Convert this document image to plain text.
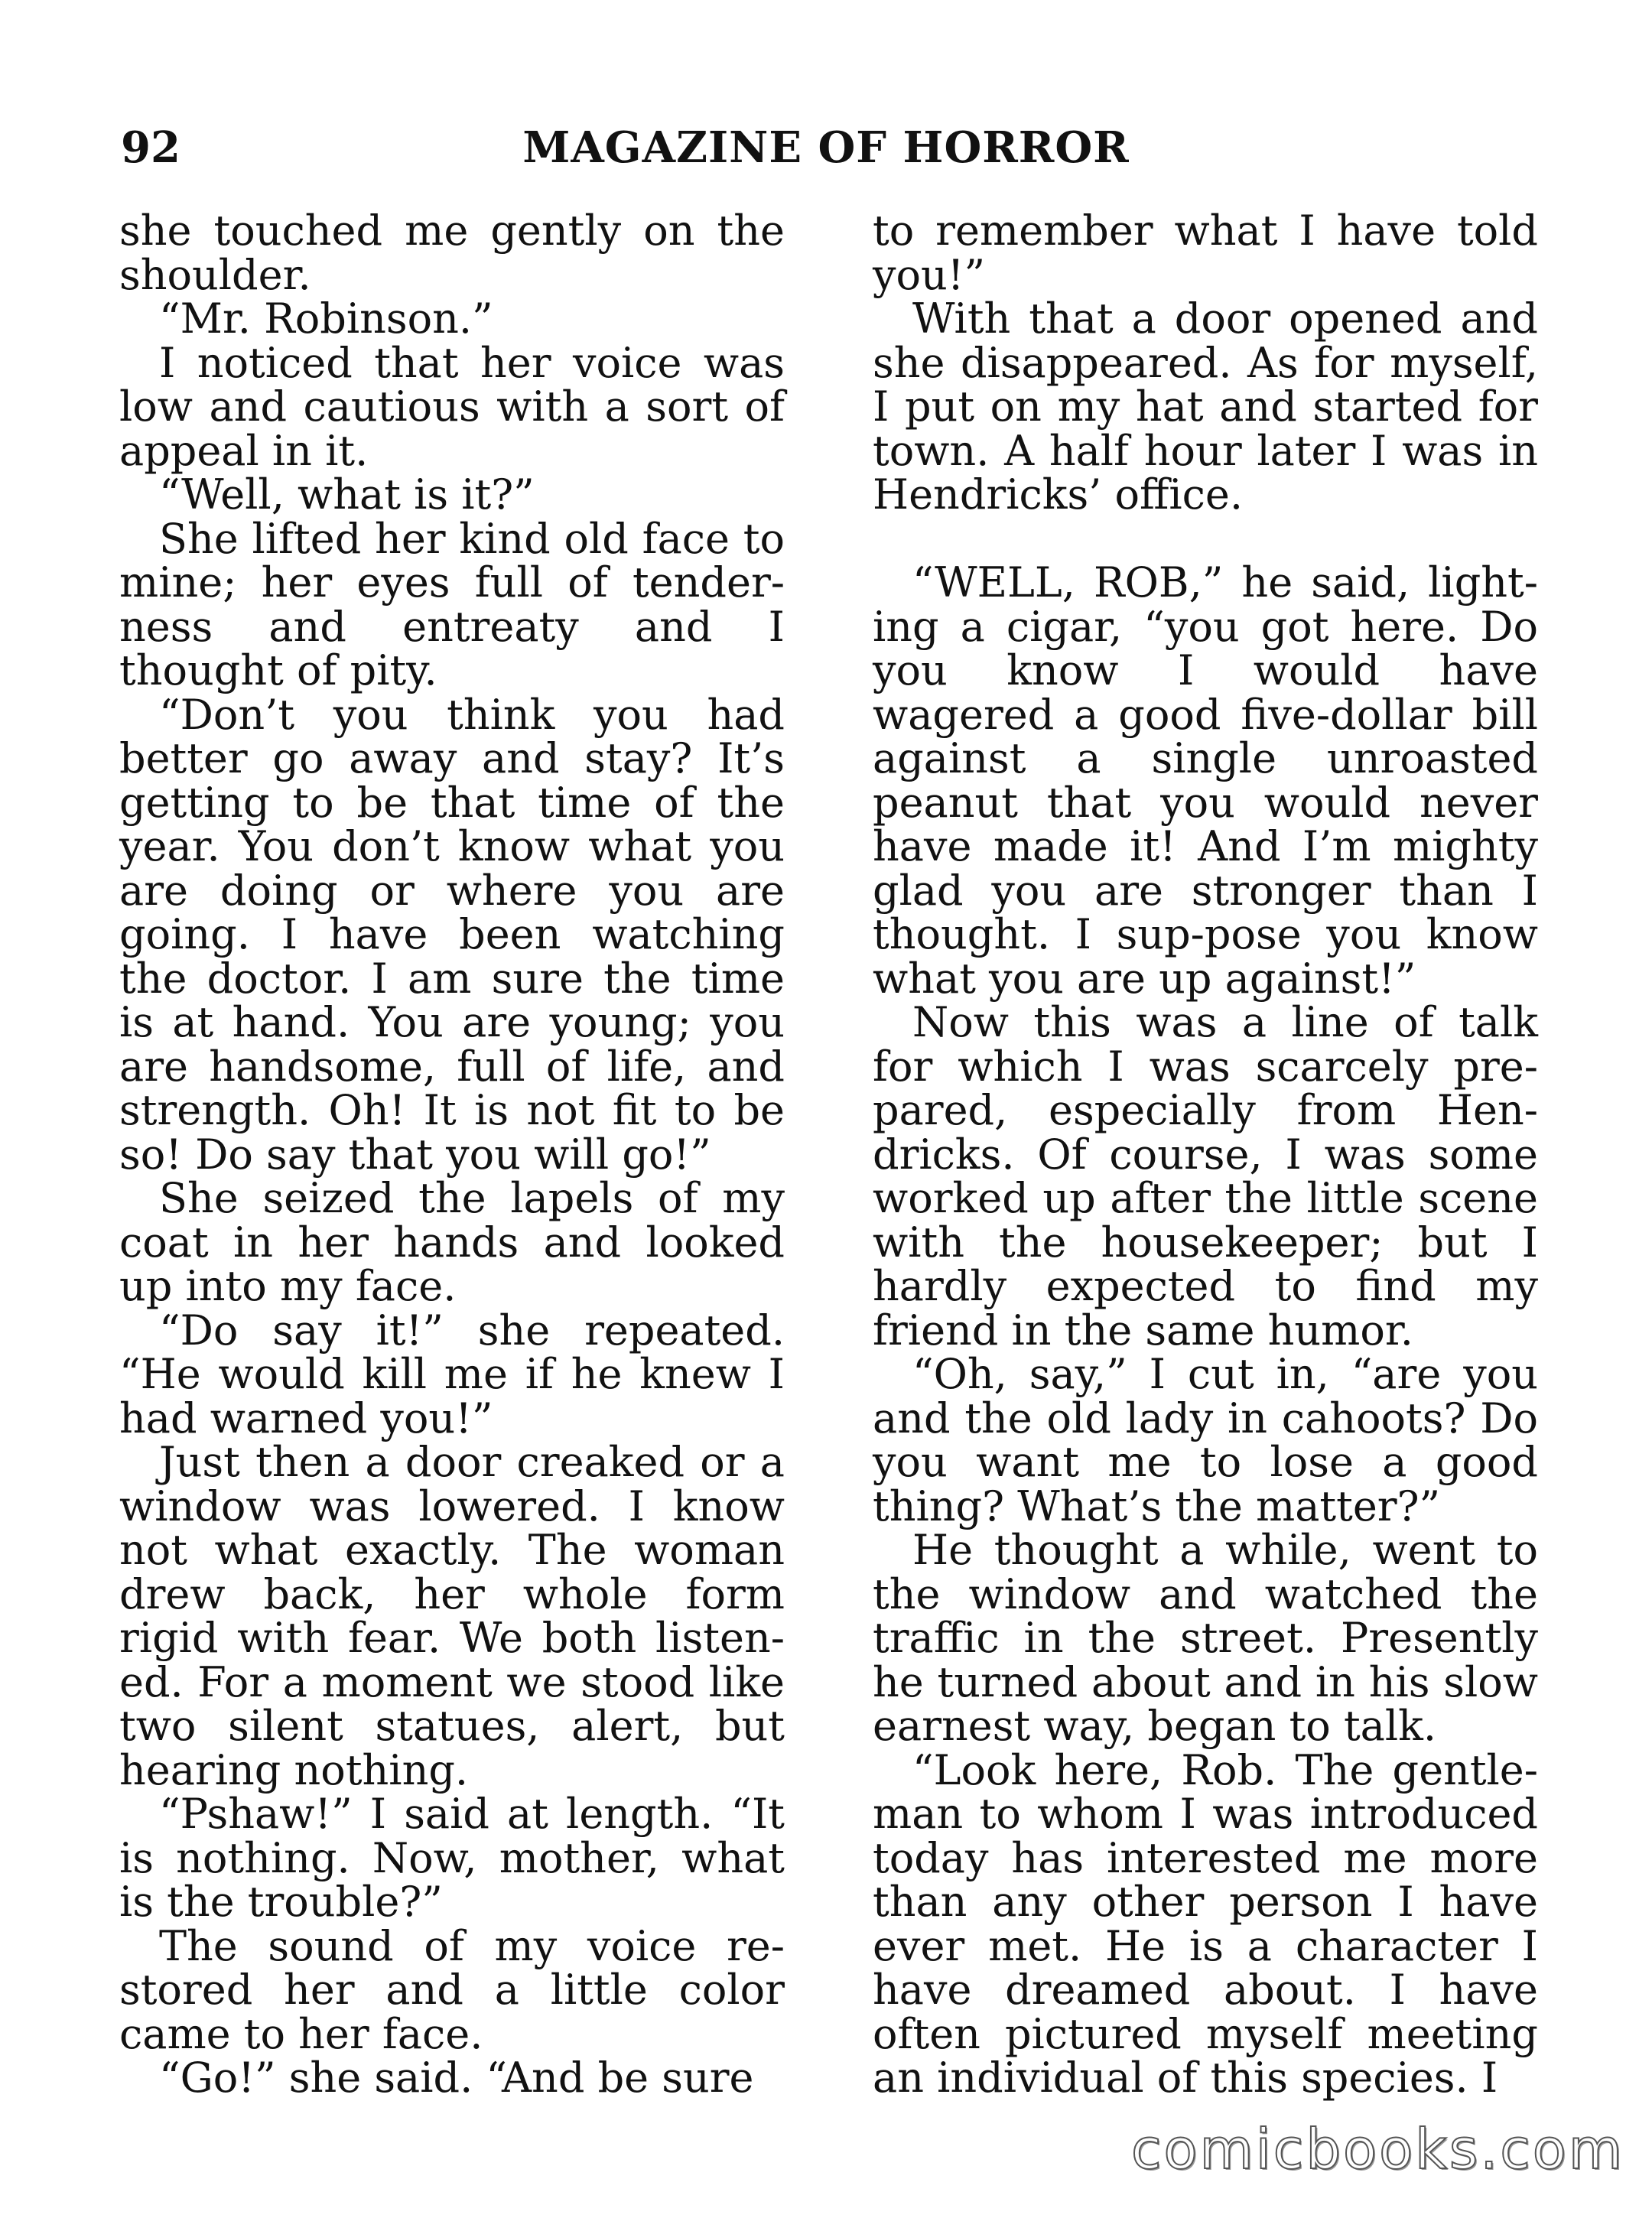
92	MAGAZINE OF HORROR

she touched me gently on the shoulder.

“Mr. Robinson.”

I noticed that her voice was low and cautious with a sort of appeal in it.

“Well, what is it?”

She lifted her kind old face to mine; her eyes full of tender-ness and entreaty and I thought of pity.

“Don’t you think you had better go away and stay? It’s getting to be that time of the year. You don’t know what you are doing or where you are going. I have been watching the doctor. I am sure the time is at hand. You are young; you are handsome, full of life, and strength. Oh! It is not fit to be so! Do say that you will go!”

She seized the lapels of my coat in her hands and looked up into my face.

“Do say it!” she repeated. “He would kill me if he knew I had warned you!”

Just then a door creaked or a window was lowered. I know not what exactly. The woman drew back, her whole form rigid with fear. We both listen-ed. For a moment we stood like two silent statues, alert, but hearing nothing.

“Pshaw!” I said at length. “It is nothing. Now, mother, what is the trouble?”

The sound of my voice re-stored her and a little color came to her face.

“Go!” she said. “And be sure

to remember what I have told you!”

With that a door opened and she disappeared. As for myself, I put on my hat and started for town. A half hour later I was in Hendricks’ office.

“WELL, ROB,” he said, light-ing a cigar, “you got here. Do you know I would have wagered a good five-dollar bill against a single unroasted peanut that you would never have made it! And I’m mighty glad you are stronger than I thought. I sup-pose you know what you are up against!”

Now this was a line of talk for which I was scarcely pre-pared, especially from Hen-dricks. Of course, I was some worked up after the little scene with the housekeeper; but I hardly expected to find my friend in the same humor.

“Oh, say,” I cut in, “are you and the old lady in cahoots? Do you want me to lose a good thing? What’s the matter?”

He thought a while, went to the window and watched the traffic in the street. Presently he turned about and in his slow earnest way, began to talk.

“Look here, Rob. The gentle-man to whom I was introduced today has interested me more than any other person I have ever met. He is a character I have dreamed about. I have often pictured myself meeting an individual of this species. I

comicbooks.com
